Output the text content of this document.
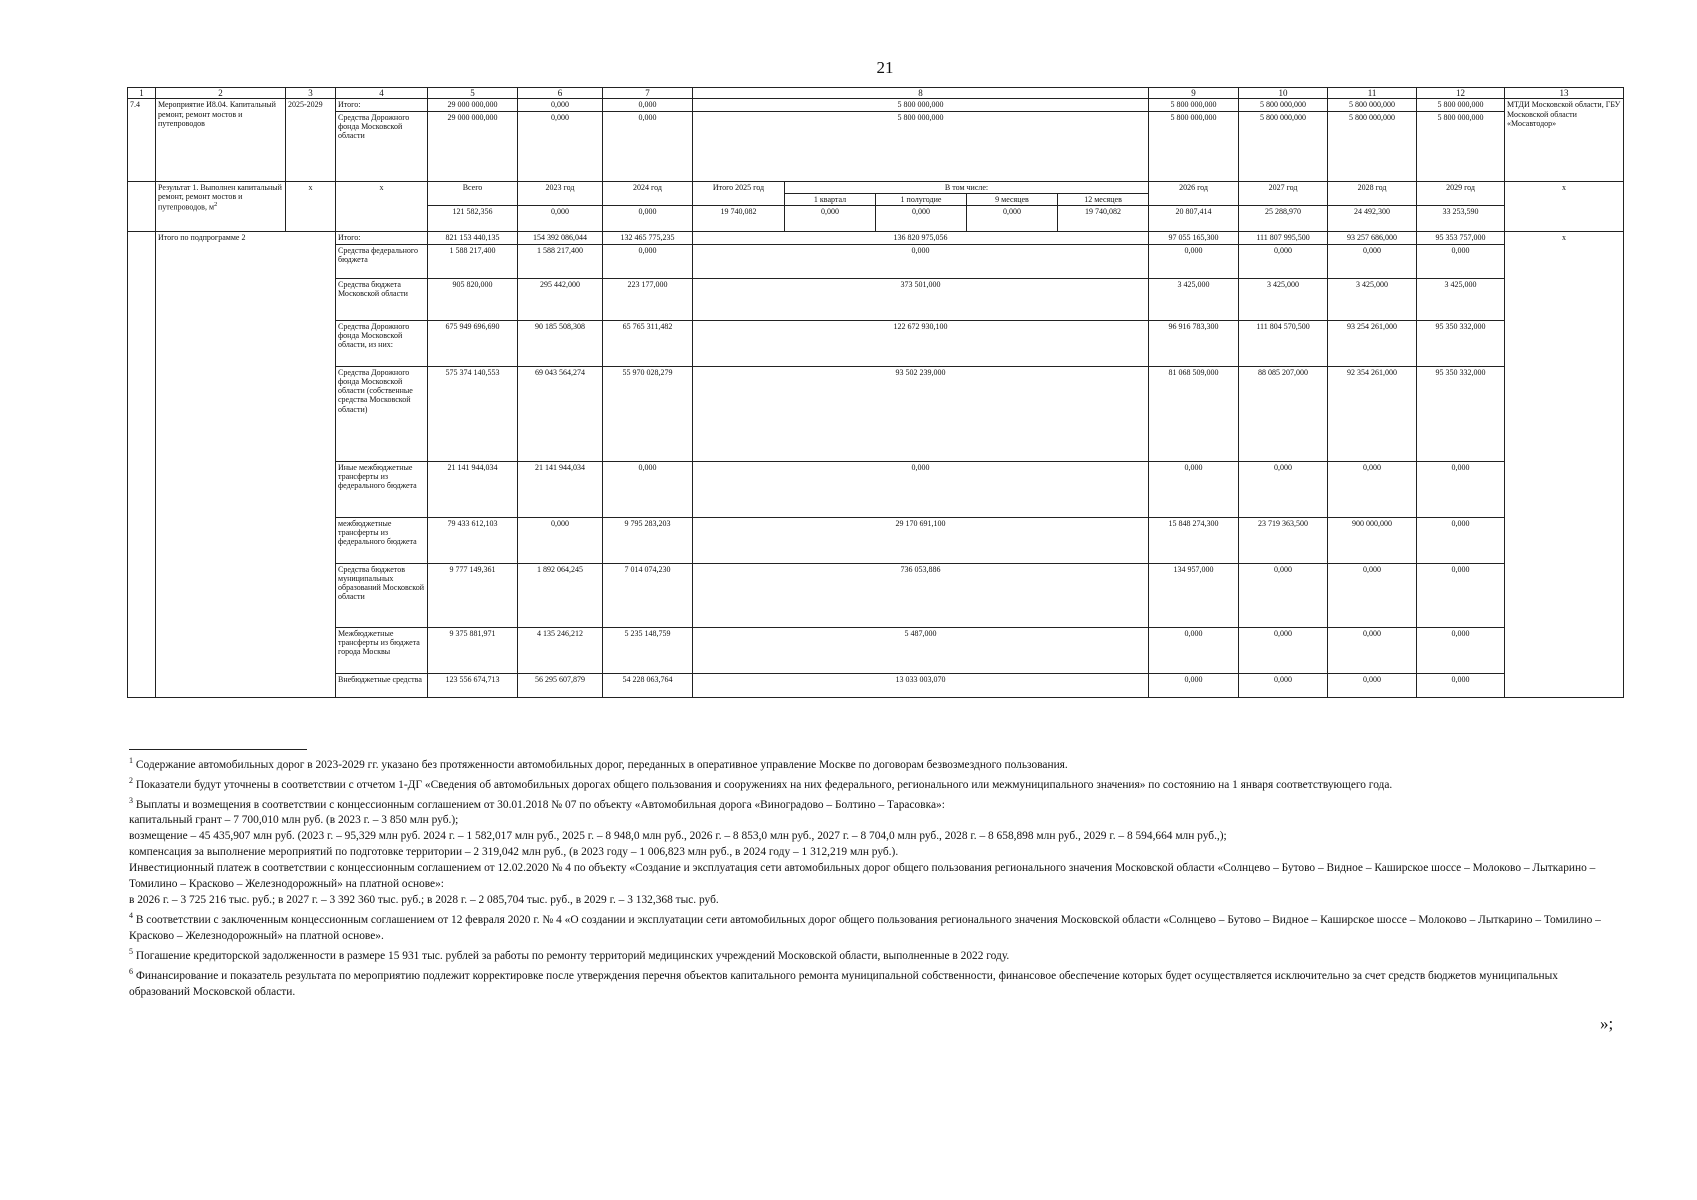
21
1	2	3	4	5	6	7	8					9	10	11	12	13
7.4	Мероприятие И8.04. Капитальный ремонт, ремонт мостов и путепроводов	2025-2029	Итого:	29 000 000,000	0,000	0,000	5 800 000,000					5 800 000,000	5 800 000,000	5 800 000,000	5 800 000,000	МТДИ Московской области, ГБУ Московской области «Мосавтодор»
			Средства Дорожного фонда Московской области	29 000 000,000	0,000	0,000	5 800 000,000					5 800 000,000	5 800 000,000	5 800 000,000	5 800 000,000	
	Результат 1. Выполнен капитальный ремонт, ремонт мостов и путепроводов, $м^2$	x	x	Всего	2023 год	2024 год	Итого 2025 год	В том числе:				2026 год	2027 год	2028 год	2029 год	x
								1 квартал	1 полугодие	9 месяцев	12 месяцев					
				121 582,356	0,000	0,000	19 740,082	0,000	0,000	0,000	19 740,082	20 807,414	25 288,970	24 492,300	33 253,590	
	Итого по подпрограмме 2		Итого:	821 153 440,135	154 392 086,044	132 465 775,235	136 820 975,056					97 055 165,300	111 807 995,500	93 257 686,000	95 353 757,000	x
			Средства федерального бюджета	1 588 217,400	1 588 217,400	0,000	0,000					0,000	0,000	0,000	0,000	
			Средства бюджета Московской области	905 820,000	295 442,000	223 177,000	373 501,000					3 425,000	3 425,000	3 425,000	3 425,000	
			Средства Дорожного фонда Московской области, из них:	675 949 696,690	90 185 508,308	65 765 311,482	122 672 930,100					96 916 783,300	111 804 570,500	93 254 261,000	95 350 332,000	
			Средства Дорожного фонда Московской области (собственные средства Московской области)	575 374 140,553	69 043 564,274	55 970 028,279	93 502 239,000					81 068 509,000	88 085 207,000	92 354 261,000	95 350 332,000	
			Иные межбюджетные трансферты из федерального бюджета	21 141 944,034	21 141 944,034	0,000	0,000					0,000	0,000	0,000	0,000	
			межбюджетные трансферты из федерального бюджета	79 433 612,103	0,000	9 795 283,203	29 170 691,100					15 848 274,300	23 719 363,500	900 000,000	0,000	
			Средства бюджетов муниципальных образований Московской области	9 777 149,361	1 892 064,245	7 014 074,230	736 053,886					134 957,000	0,000	0,000	0,000	
			Межбюджетные трансферты из бюджета города Москвы	9 375 881,971	4 135 246,212	5 235 148,759	5 487,000					0,000	0,000	0,000	0,000	
			Внебюджетные средства	123 556 674,713	56 295 607,879	54 228 063,764	13 033 003,070					0,000	0,000	0,000	0,000	

$^1$ Содержание автомобильных дорог в 2023-2029 гг. указано без протяженности автомобильных дорог, переданных в оперативное управление Москве по договорам безвозмездного пользования.

$^2$ Показатели будут уточнены в соответствии с отчетом 1-ДГ «Сведения об автомобильных дорогах общего пользования и сооружениях на них федерального, регионального или межмуниципального значения» по состоянию на 1 января соответствующего года.

$^3$ Выплаты и возмещения в соответствии с концессионным соглашением от 30.01.2018 № 07 по объекту «Автомобильная дорога «Виноградово – Болтино – Тарасовка»:

капитальный грант – 7 700,010 млн руб. (в 2023 г. – 3 850 млн руб.);

возмещение – 45 435,907 млн руб. (2023 г. – 95,329 млн руб. 2024 г. – 1 582,017 млн руб., 2025 г. – 8 948,0 млн руб., 2026 г. – 8 853,0 млн руб., 2027 г. – 8 704,0 млн руб., 2028 г. – 8 658,898 млн руб., 2029 г. – 8 594,664 млн руб.,);

компенсация за выполнение мероприятий по подготовке территории – 2 319,042 млн руб., (в 2023 году – 1 006,823 млн руб., в 2024 году – 1 312,219 млн руб.).

Инвестиционный платеж в соответствии с концессионным соглашением от 12.02.2020 № 4 по объекту «Создание и эксплуатация сети автомобильных дорог общего пользования регионального значения Московской области «Солнцево – Бутово – Видное – Каширское шоссе – Молоково – Лыткарино – Томилино – Красково – Железнодорожный» на платной основе»:

в 2026 г. – 3 725 216 тыс. руб.; в 2027 г. – 3 392 360 тыс. руб.; в 2028 г. – 2 085,704 тыс. руб., в 2029 г. – 3 132,368 тыс. руб.

$^4$ В соответствии с заключенным концессионным соглашением от 12 февраля 2020 г. № 4 «О создании и эксплуатации сети автомобильных дорог общего пользования регионального значения Московской области «Солнцево – Бутово – Видное – Каширское шоссе – Молоково – Лыткарино – Томилино – Красково – Железнодорожный» на платной основе».

$^5$ Погашение кредиторской задолженности в размере 15 931 тыс. рублей за работы по ремонту территорий медицинских учреждений Московской области, выполненные в 2022 году.

$^6$ Финансирование и показатель результата по мероприятию подлежит корректировке после утверждения перечня объектов капитального ремонта муниципальной собственности, финансовое обеспечение которых будет осуществляется исключительно за счет средств бюджетов муниципальных образований Московской области.

»;
